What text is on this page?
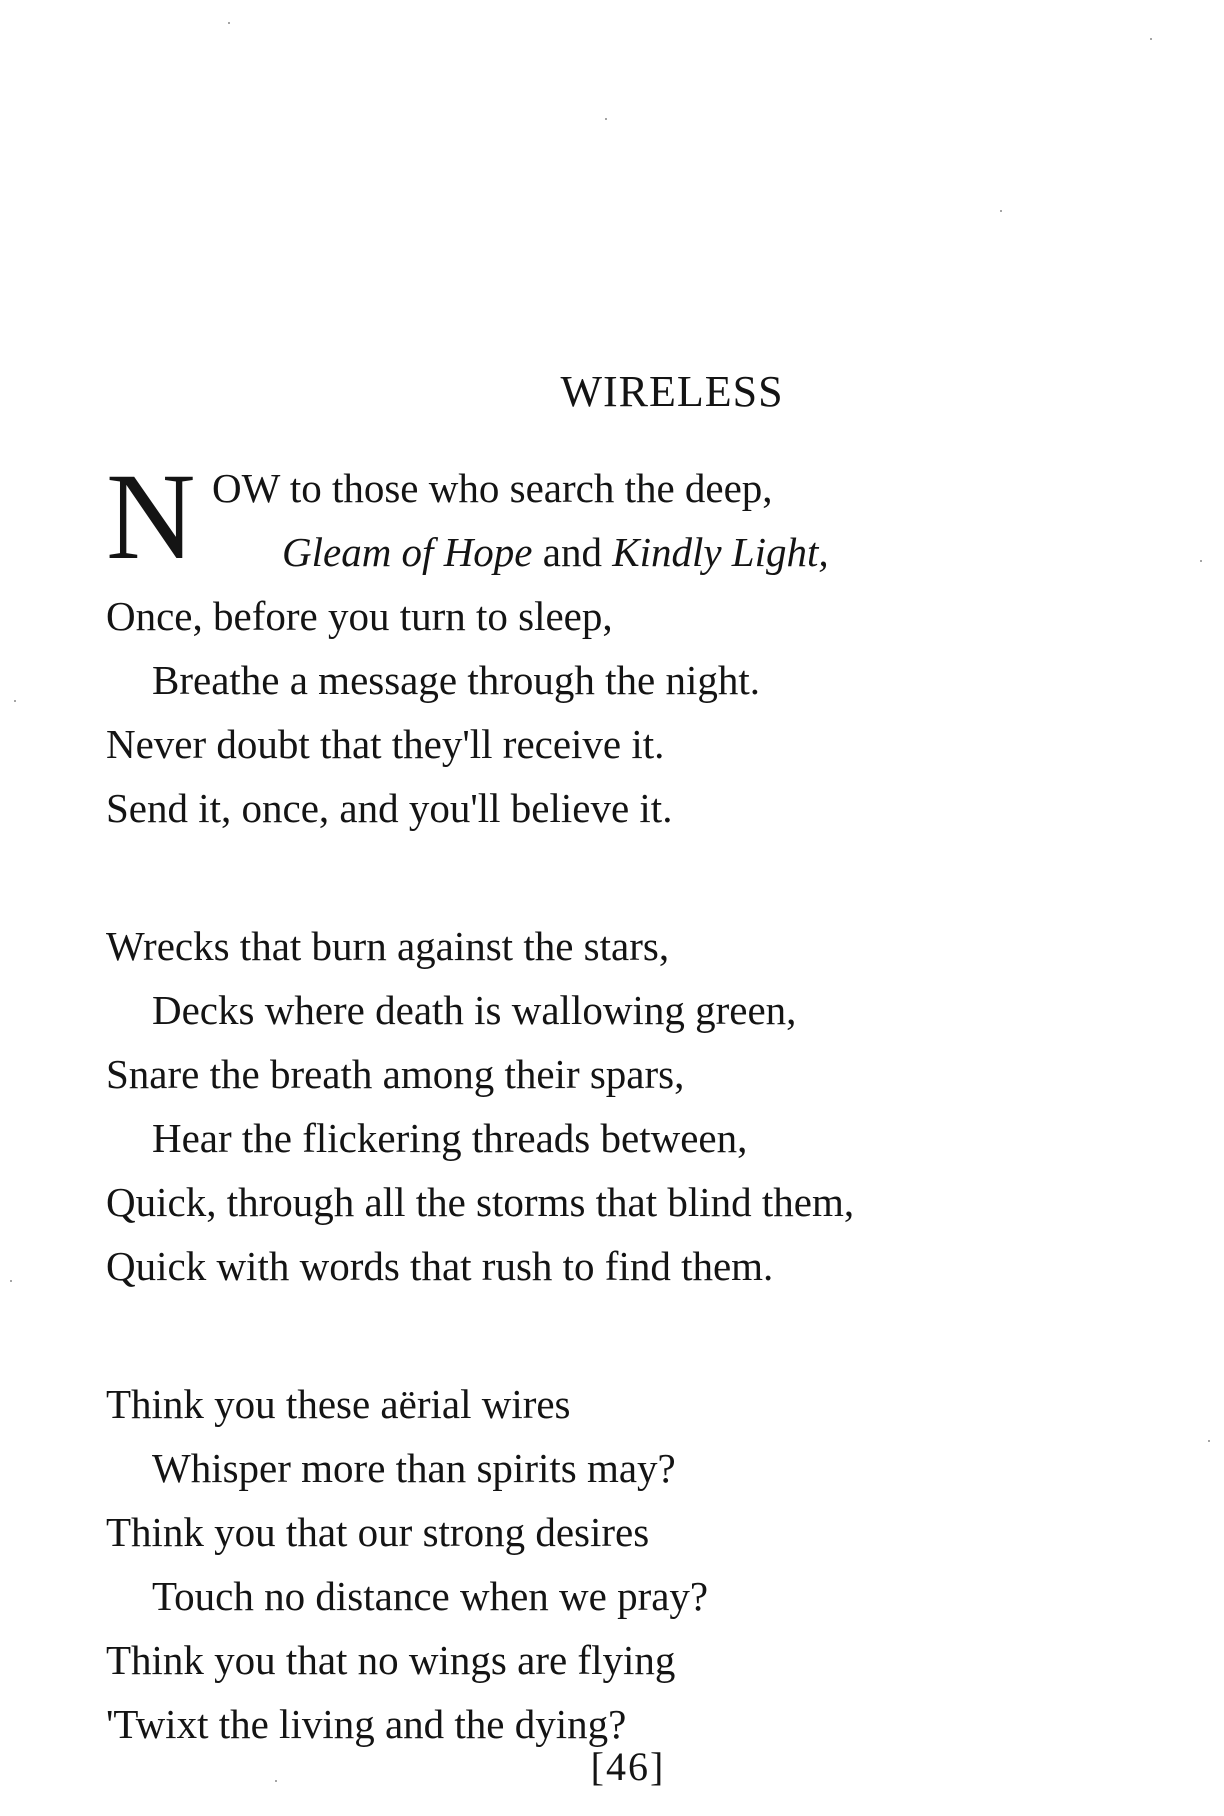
WIRELESS
N OW to those who search the deep,
Gleam of Hope and Kindly Light,
Once, before you turn to sleep,
Breathe a message through the night.
Never doubt that they'll receive it.
Send it, once, and you'll believe it.
Wrecks that burn against the stars,
Decks where death is wallowing green,
Snare the breath among their spars,
Hear the flickering threads between,
Quick, through all the storms that blind them,
Quick with words that rush to find them.
Think you these aërial wires
Whisper more than spirits may?
Think you that our strong desires
Touch no distance when we pray?
Think you that no wings are flying
'Twixt the living and the dying?
[46]
